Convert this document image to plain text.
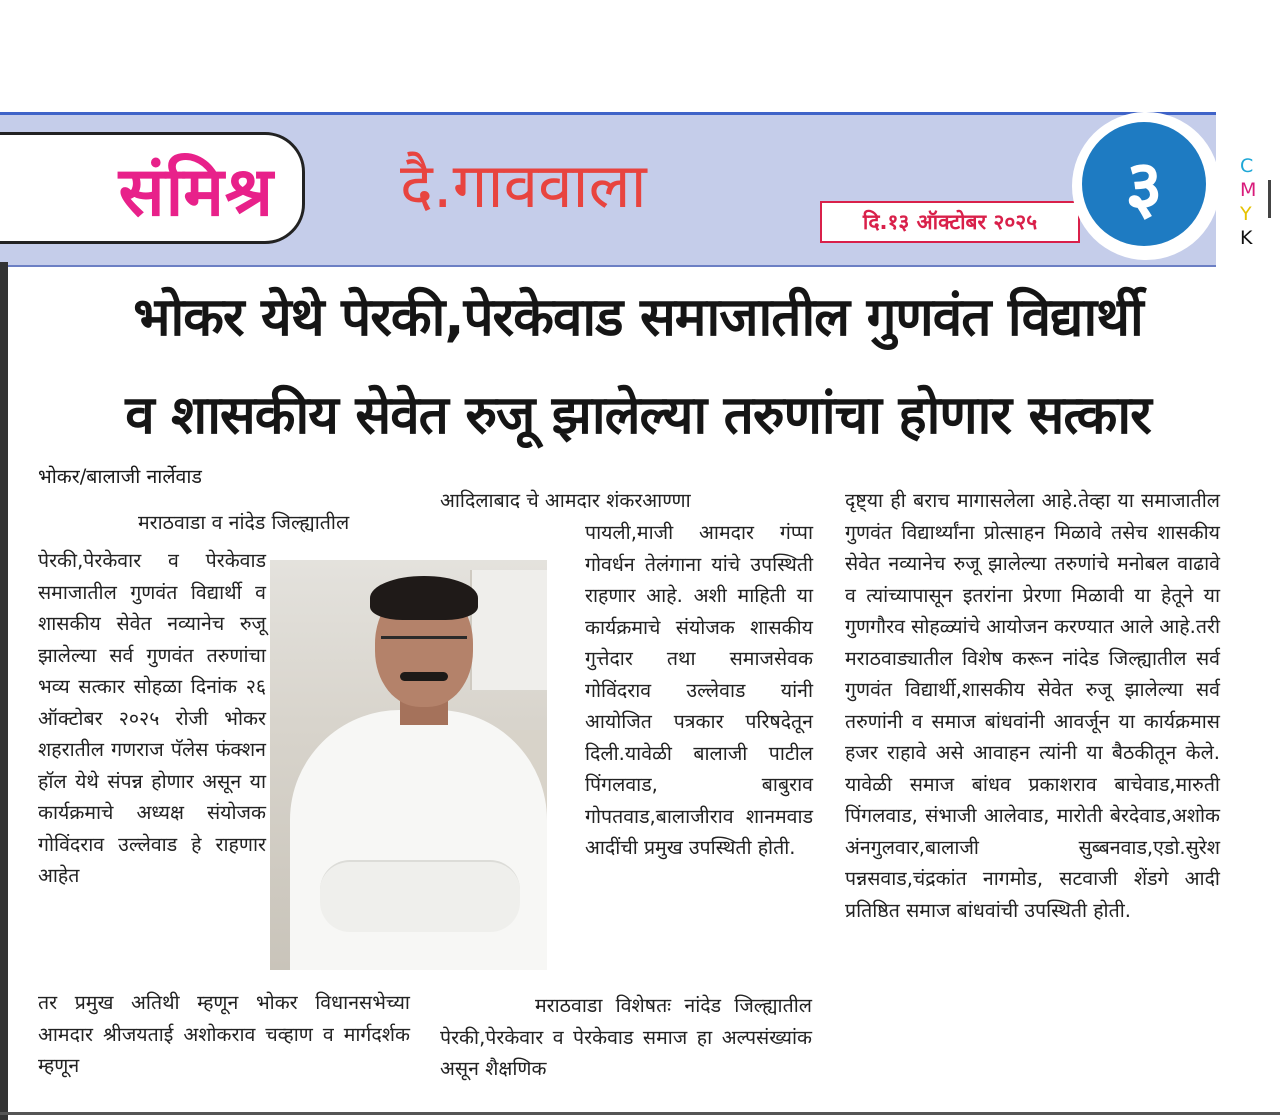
संमिश्र दै.गाववाला	दि.१३ ऑक्टोबर २०२५	३	C
M
Y
K
भोकर येथे पेरकी,पेरकेवाड समाजातील गुणवंत विद्यार्थी
व शासकीय सेवेत रुजू झालेल्या तरुणांचा होणार सत्कार
भोकर/बालाजी नार्लेवाड
मराठवाडा व नांदेड जिल्ह्यातील
पेरकी,पेरकेवार व पेरकेवाड समाजातील गुणवंत विद्यार्थी व शासकीय सेवेत नव्यानेच रुजू झालेल्या सर्व गुणवंत तरुणांचा भव्य सत्कार सोहळा दिनांक २६ ऑक्टोबर २०२५ रोजी भोकर शहरातील गणराज पॅलेस फंक्शन हॉल येथे संपन्न होणार असून या कार्यक्रमाचे अध्यक्ष संयोजक गोविंदराव उल्लेवाड हे राहणार आहेत
तर प्रमुख अतिथी म्हणून भोकर विधानसभेच्या आमदार श्रीजयताई अशोकराव चव्हाण व मार्गदर्शक म्हणून
आदिलाबाद चे आमदार शंकरआण्णा
पायली,माजी आमदार गंप्पा गोवर्धन तेलंगाना यांचे उपस्थिती राहणार आहे. अशी माहिती या कार्यक्रमाचे संयोजक शासकीय गुत्तेदार तथा समाजसेवक गोविंदराव उल्लेवाड यांनी आयोजित पत्रकार परिषदेतून दिली.यावेळी बालाजी पाटील पिंगलवाड, बाबुराव गोपतवाड,बालाजीराव शानमवाड आदींची प्रमुख उपस्थिती होती.
मराठवाडा विशेषतः नांदेड जिल्ह्यातील पेरकी,पेरकेवार व पेरकेवाड समाज हा अल्पसंख्यांक असून शैक्षणिक
दृष्ट्या ही बराच मागासलेला आहे.तेव्हा या समाजातील गुणवंत विद्यार्थ्यांना प्रोत्साहन मिळावे तसेच शासकीय सेवेत नव्यानेच रुजू झालेल्या तरुणांचे मनोबल वाढावे व त्यांच्यापासून इतरांना प्रेरणा मिळावी या हेतूने या गुणगौरव सोहळ्यांचे आयोजन करण्यात आले आहे.तरी मराठवाड्यातील विशेष करून नांदेड जिल्ह्यातील सर्व गुणवंत विद्यार्थी,शासकीय सेवेत रुजू झालेल्या सर्व तरुणांनी व समाज बांधवांनी आवर्जून या कार्यक्रमास हजर राहावे असे आवाहन त्यांनी या बैठकीतून केले. यावेळी समाज बांधव प्रकाशराव बाचेवाड,मारुती पिंगलवाड, संभाजी आलेवाड, मारोती बेरदेवाड,अशोक अंनगुलवार,बालाजी सुब्बनवाड,एडो.सुरेश पन्नसवाड,चंद्रकांत नागमोड, सटवाजी शेंडगे आदी प्रतिष्ठित समाज बांधवांची उपस्थिती होती.
